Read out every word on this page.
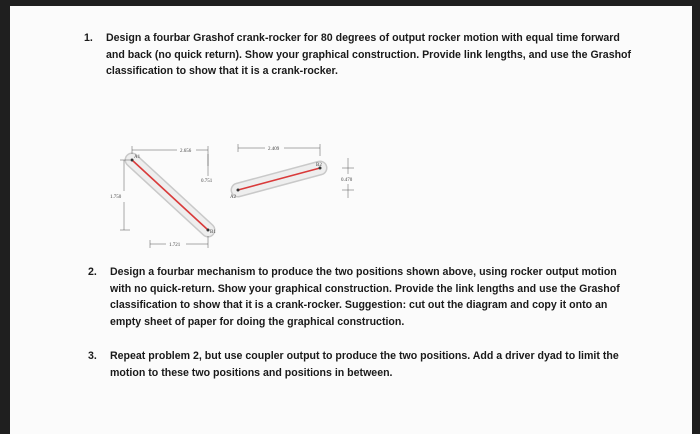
1. Design a fourbar Grashof crank-rocker for 80 degrees of output rocker motion with equal time forward
and back (no quick return). Show your graphical construction. Provide link lengths, and use the Grashof
classification to show that it is a crank-rocker.
2.656	2.409
0.751
1.750
0.470
1.721
A1
B1
A2
B2
2. Design a fourbar mechanism to produce the two positions shown above, using rocker output motion
with no quick-return. Show your graphical construction. Provide the link lengths and use the Grashof
classification to show that it is a crank-rocker. Suggestion: cut out the diagram and copy it onto an
empty sheet of paper for doing the graphical construction.
3. Repeat problem 2, but use coupler output to produce the two positions. Add a driver dyad to limit the
motion to these two positions and positions in between.
